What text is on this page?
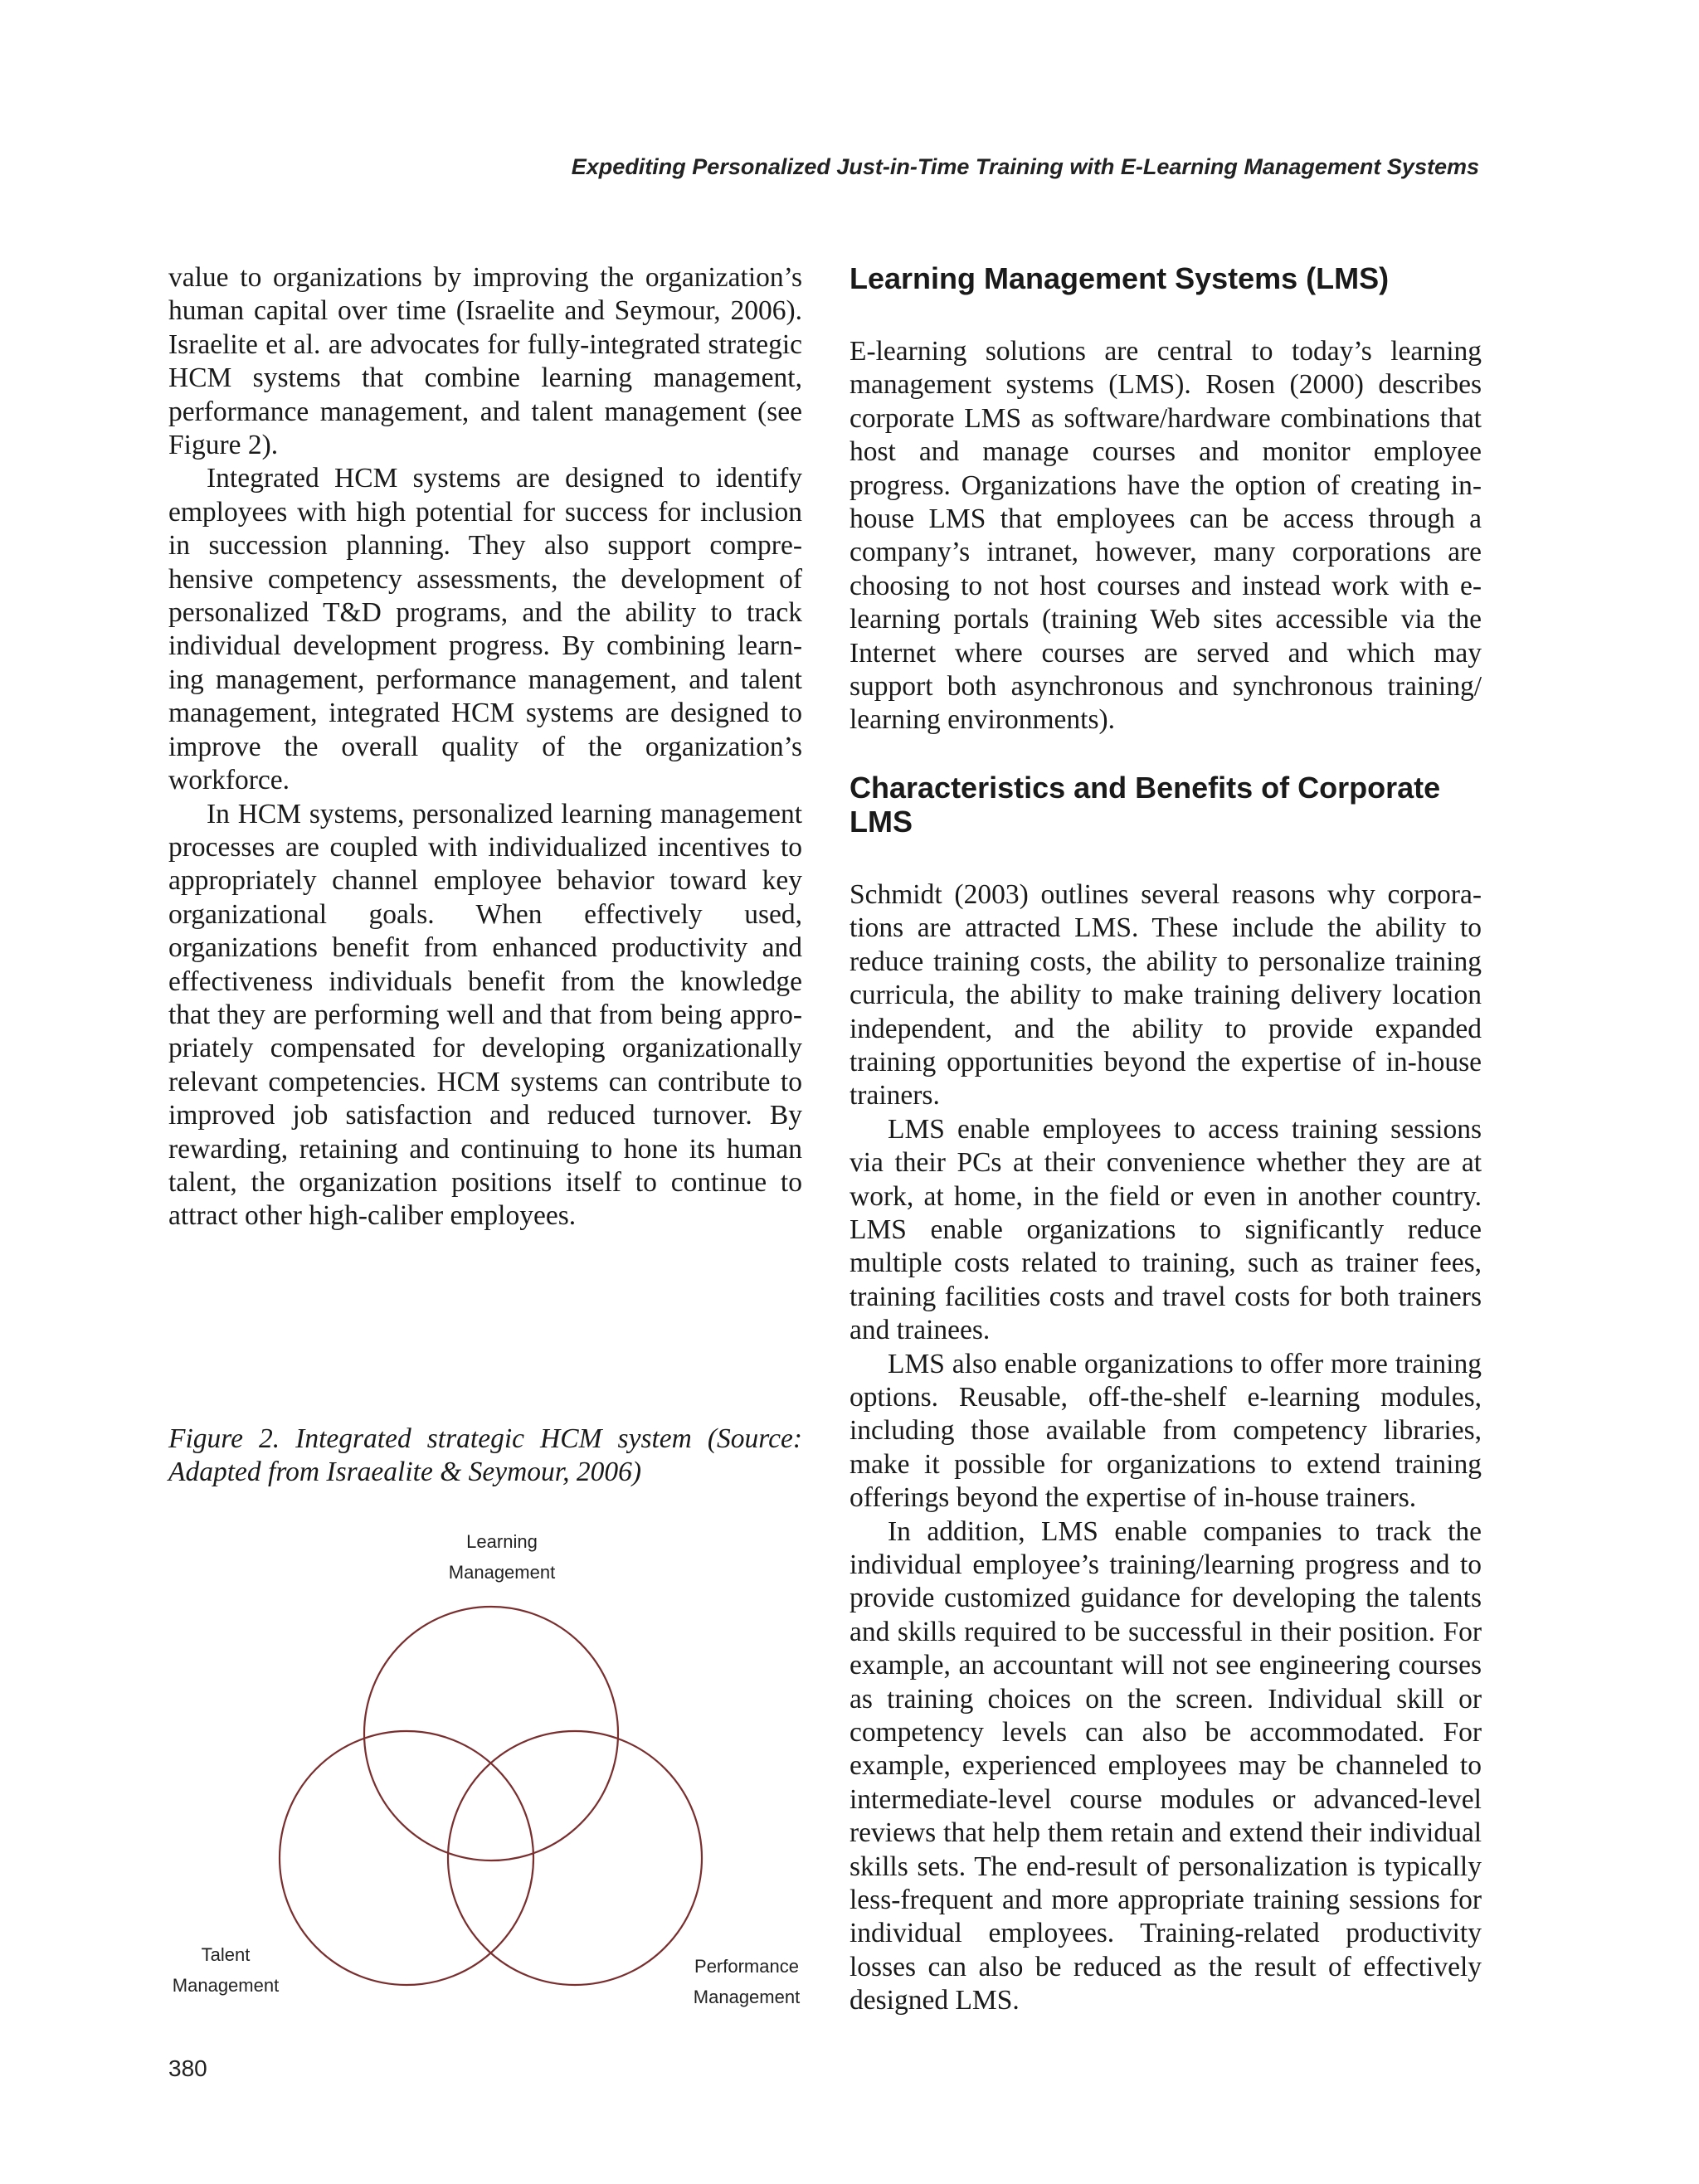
Expediting Personalized Just-in-Time Training with E-Learning Management Systems

value to organizations by improving the organization’s human capital over time (Israelite and Seymour, 2006). Israelite et al. are advocates for fully-integrated strategic HCM systems that combine learning management, performance management, and talent management (see Figure 2).

Integrated HCM systems are designed to identify employees with high potential for success for inclusion in succession planning. They also support comprehensive competency assessments, the development of personalized T&D programs, and the ability to track individual development progress. By combining learning management, performance management, and talent management, integrated HCM systems are designed to improve the overall quality of the organization’s workforce.

In HCM systems, personalized learning management processes are coupled with individualized incentives to appropriately channel employee behavior toward key organizational goals. When effectively used, organizations benefit from enhanced productivity and effectiveness individuals benefit from the knowledge that they are performing well and that from being appropriately compensated for developing organizationally relevant competencies. HCM systems can contribute to improved job satisfaction and reduced turnover. By rewarding, retaining and continuing to hone its human talent, the organization positions itself to continue to attract other high-caliber employees.

Figure 2. Integrated strategic HCM system (Source: Adapted from Israealite & Seymour, 2006)

Learning
Management
Talent
Management
Performance
Management
Learning Management Systems (LMS)

E-learning solutions are central to today’s learning management systems (LMS). Rosen (2000) describes corporate LMS as software/hardware combinations that host and manage courses and monitor employee progress. Organizations have the option of creating in-house LMS that employees can be access through a company’s intranet, however, many corporations are choosing to not host courses and instead work with e-learning portals (training Web sites accessible via the Internet where courses are served and which may support both asynchronous and synchronous training/​learning environments).

Characteristics and Benefits of Corporate LMS

Schmidt (2003) outlines several reasons why corporations are attracted LMS. These include the ability to reduce training costs, the ability to personalize training curricula, the ability to make training delivery location independent, and the ability to provide expanded training opportunities beyond the expertise of in-house trainers.

LMS enable employees to access training sessions via their PCs at their convenience whether they are at work, at home, in the field or even in another country. LMS enable organizations to significantly reduce multiple costs related to training, such as trainer fees, training facilities costs and travel costs for both trainers and trainees.

LMS also enable organizations to offer more training options. Reusable, off-the-shelf e-learning modules, including those available from competency libraries, make it possible for organizations to extend training offerings beyond the expertise of in-house trainers.

In addition, LMS enable companies to track the individual employee’s training/learning progress and to provide customized guidance for developing the talents and skills required to be successful in their position. For example, an accountant will not see engineering courses as training choices on the screen. Individual skill or competency levels can also be accommodated. For example, experienced employees may be channeled to intermediate-level course modules or advanced-level reviews that help them retain and extend their individual skills sets. The end-result of personalization is typically less-frequent and more appropriate training sessions for individual employees. Training-related productivity losses can also be reduced as the result of effectively designed LMS.

380
